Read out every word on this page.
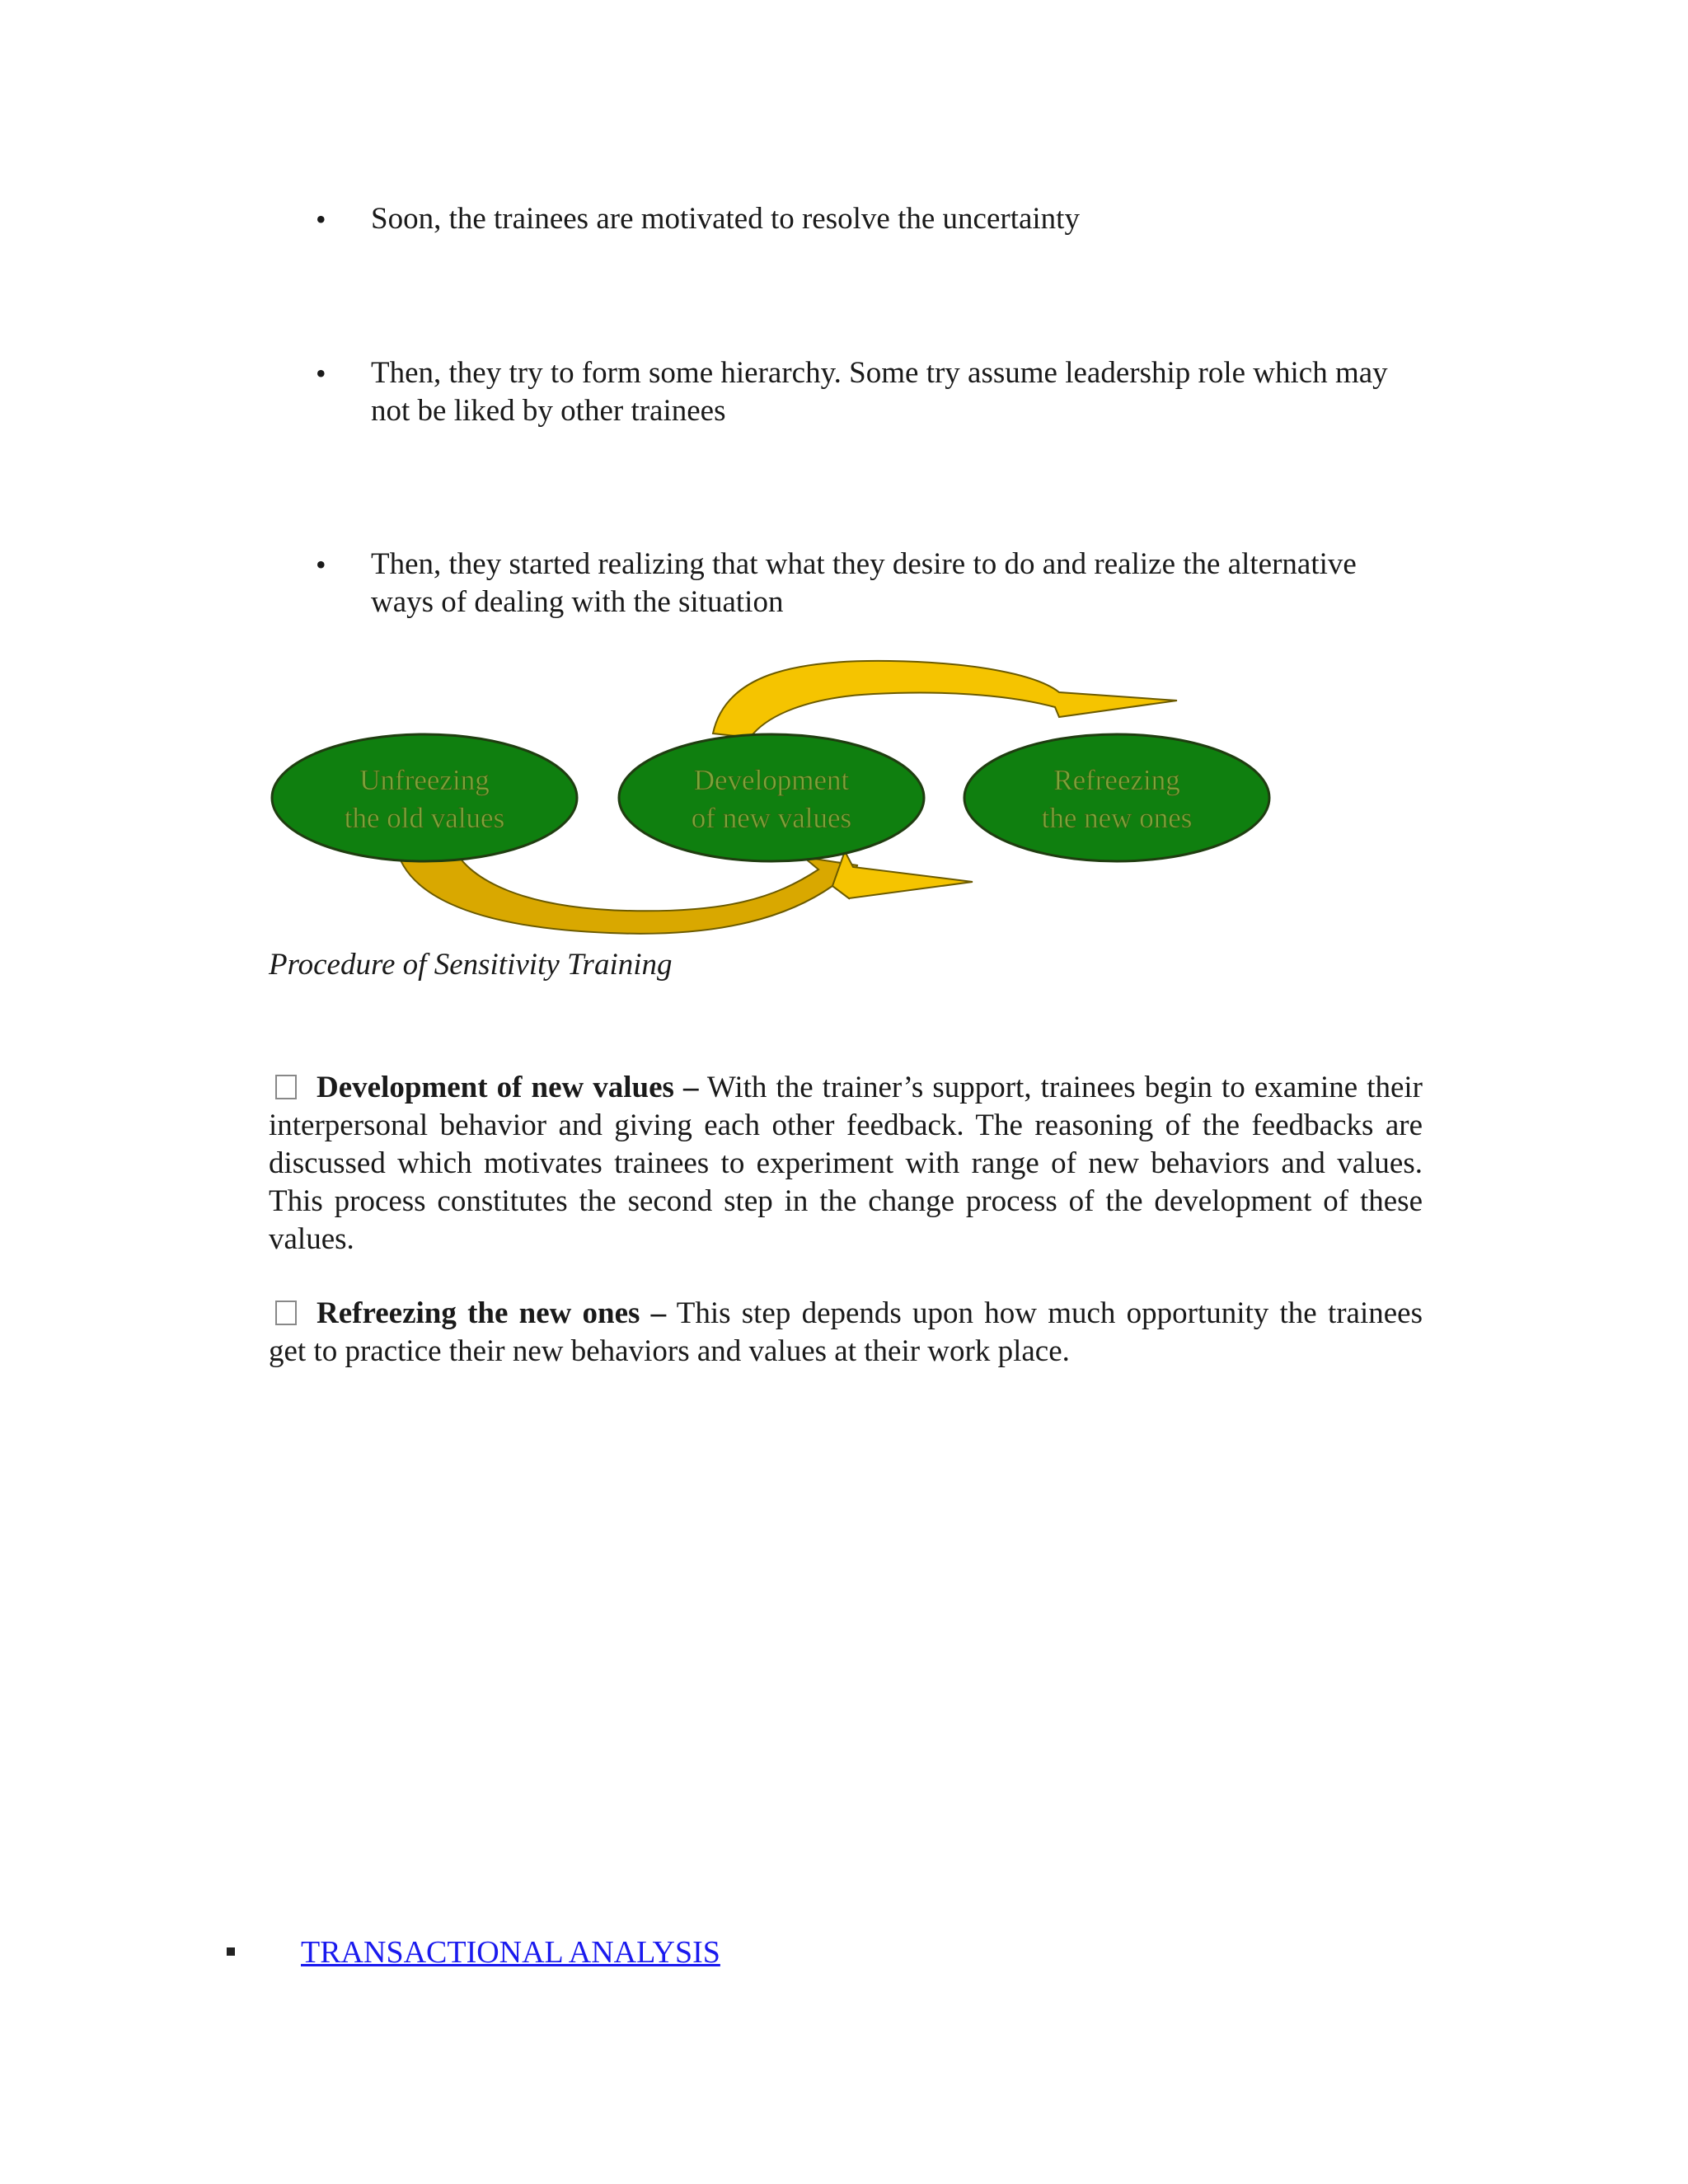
• Soon, the trainees are motivated to resolve the uncertainty
• Then, they try to form some hierarchy. Some try assume leadership role which may not be liked by other trainees
• Then, they started realizing that what they desire to do and realize the alternative ways of dealing with the situation
Unfreezing
the old values
Development
of new values
Refreezing
the new ones
Procedure of Sensitivity Training
Development of new values – With the trainer’s support, trainees begin to examine their interpersonal behavior and giving each other feedback. The reasoning of the feedbacks are discussed which motivates trainees to experiment with range of new behaviors and values. This process constitutes the second step in the change process of the development of these values.
Refreezing the new ones – This step depends upon how much opportunity the trainees get to practice their new behaviors and values at their work place.
TRANSACTIONAL ANALYSIS
